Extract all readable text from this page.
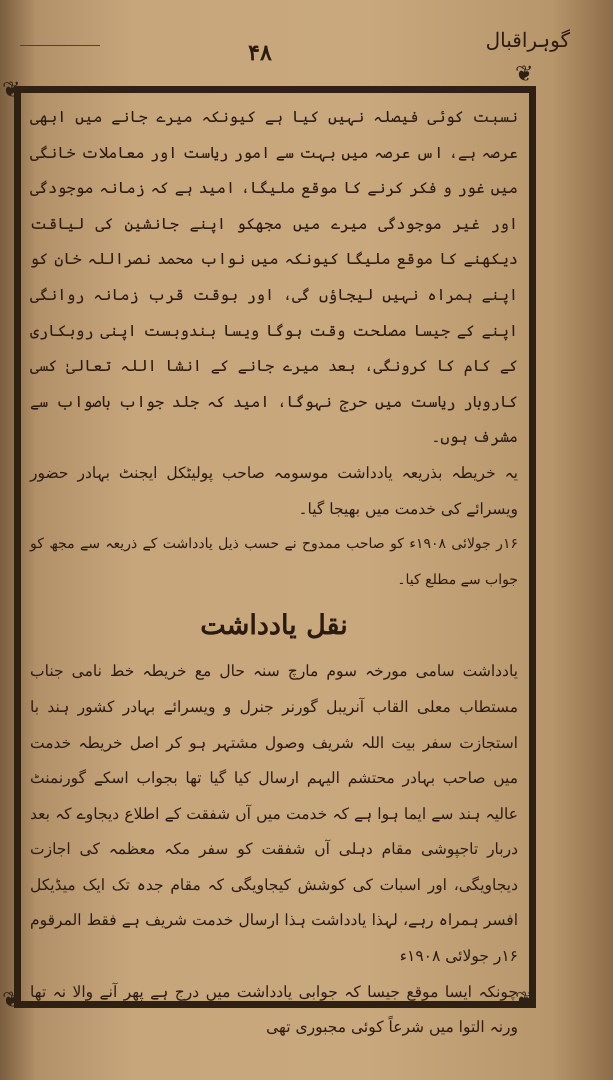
۴۸	گوہراقبال
❦
❦
❦	❦

نسبت کوئی فیصلہ نہیں کیا ہے کیونکہ میرے جانے میں ابھی عرصہ ہے، اس عرصہ میں بہت سے امور ریاست اور معاملات خانگی میں غور و فکر کرنے کا موقع ملیگا، امید ہے کہ زمانہ موجودگی اور غیر موجودگی میرے میں مجھکو اپنے جانشین کی لیاقت دیکھنے کا موقع ملیگا کیونکہ میں نواب محمد نصراللہ خان کو اپنے ہمراہ نہیں لیجاؤں گی، اور بوقت قرب زمانہ روانگی اپنے کے جیسا مصلحت وقت ہوگا ویسا بندوبست اپنی روبکاری کے کام کا کرونگی، بعد میرے جانے کے انشا اللہ تعالیٰ کسی کاروبار ریاست میں حرج نہوگا، امید کہ جلد جواب باصواب سے مشرف ہوں۔

یہ خریطہ بذریعہ یادداشت موسومہ صاحب پولیٹکل ایجنٹ بہادر حضور ویسرائے کی خدمت میں بھیجا گیا۔

۱۶ر جولائی ۱۹۰۸ء کو صاحب ممدوح نے حسب ذیل یادداشت کے ذریعہ سے مجھ کو جواب سے مطلع کیا۔

نقل یادداشت

یادداشت سامی مورخہ سوم مارچ سنہ حال مع خریطہ خط نامی جناب مستطاب معلی القاب آنریبل گورنر جنرل و ویسرائے بہادر کشور ہند با استجازت سفر بیت اللہ شریف وصول مشتہر ہو کر اصل خریطہ خدمت میں صاحب بہادر محتشم الیہم ارسال کیا گیا تھا بجواب اسکے گورنمنٹ عالیہ ہند سے ایما ہوا ہے کہ خدمت میں آں شفقت کے اطلاع دیجاوے کہ بعد دربار تاجپوشی مقام دہلی آں شفقت کو سفر مکہ معظمہ کی اجازت دیجاویگی، اور اسبات کی کوشش کیجاویگی کہ مقام جدہ تک ایک میڈیکل افسر ہمراہ رہے، لہذا یادداشت ہذا ارسال خدمت شریف ہے فقط المرقوم ۱۶ر جولائی ۱۹۰۸ء

چونکہ ایسا موقع جیسا کہ جوابی یادداشت میں درج ہے پھر آنے والا نہ تھا ورنہ التوا میں شرعاً کوئی مجبوری تھی
